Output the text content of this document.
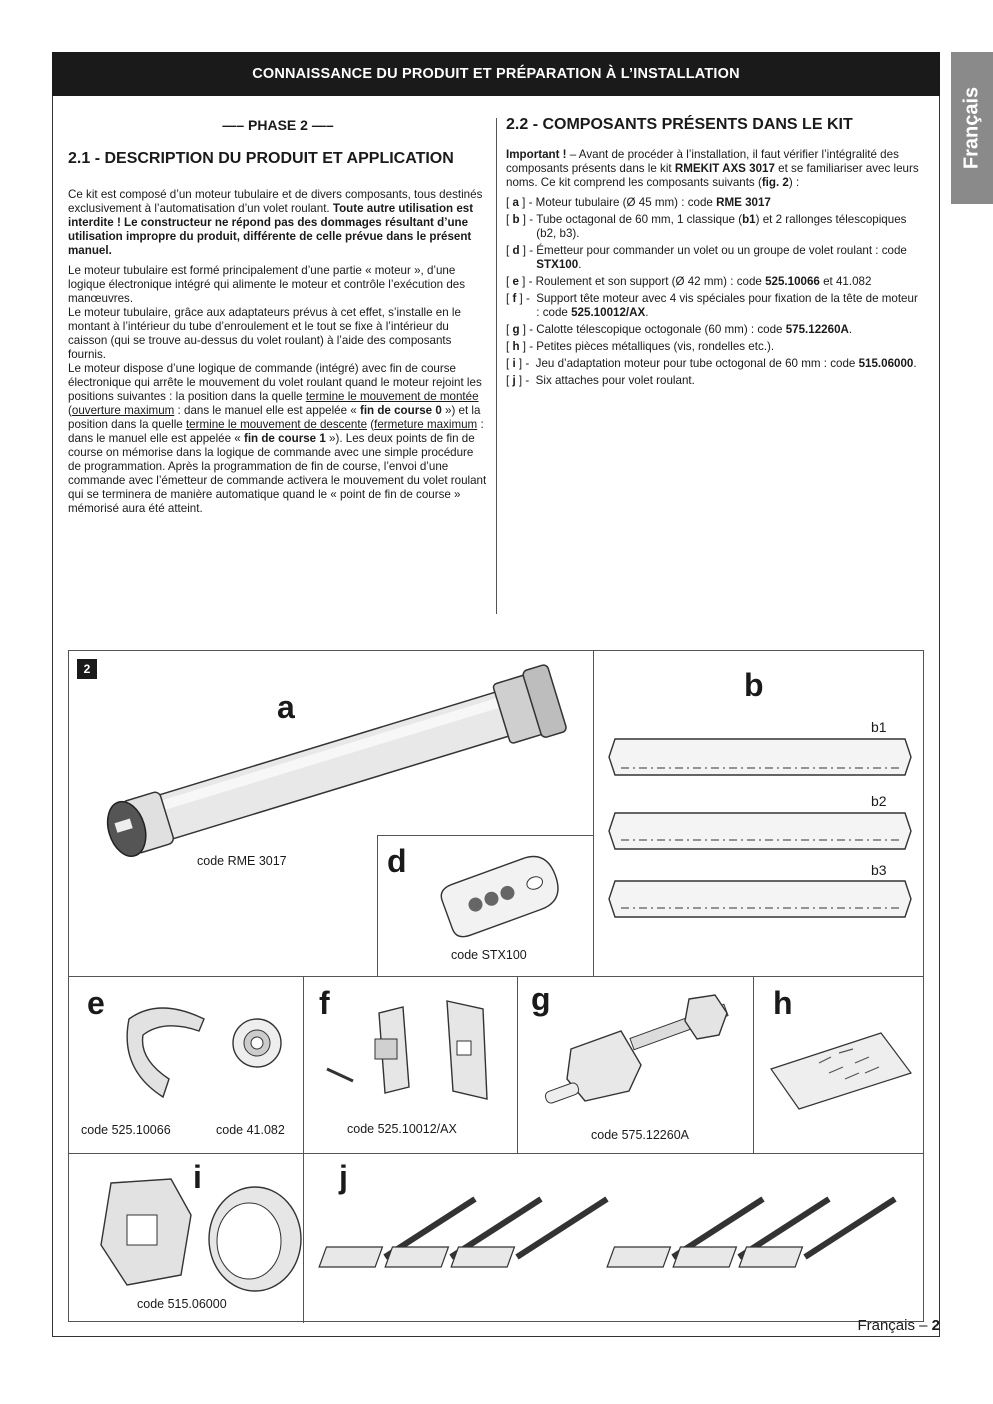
CONNAISSANCE DU PRODUIT ET PRÉPARATION À L’INSTALLATION
Français
—– PHASE 2 —–
2.1 - DESCRIPTION DU PRODUIT ET APPLICATION

Ce kit est composé d’un moteur tubulaire et de divers composants, tous destinés exclusivement à l’automatisation d’un volet roulant. Toute autre utilisation est interdite ! Le constructeur ne répond pas des dommages résultant d’une utilisation impropre du produit, différente de celle prévue dans le présent manuel.

Le moteur tubulaire est formé principalement d’une partie « moteur », d’une logique électronique intégré qui alimente le moteur et contrôle l’exécution des manœuvres.

Le moteur tubulaire, grâce aux adaptateurs prévus à cet effet, s’installe en le montant à l’intérieur du tube d’enroulement et le tout se fixe à l’intérieur du caisson (qui se trouve au-dessus du volet roulant) à l’aide des composants fournis.

Le moteur dispose d’une logique de commande (intégré) avec fin de course électronique qui arrête le mouvement du volet roulant quand le moteur rejoint les positions suivantes : la position dans la quelle termine le mouvement de montée (ouverture maximum : dans le manuel elle est appelée « fin de course 0 ») et la position dans la quelle termine le mouvement de descente (fermeture maximum : dans le manuel elle est appelée « fin de course 1 »). Les deux points de fin de course on mémorise dans la logique de commande avec une simple procédure de programmation. Après la programmation de fin de course, l’envoi d’une commande avec l’émetteur de commande activera le mouvement du volet roulant qui se terminera de manière automatique quand le « point de fin de course » mémorisé aura été atteint.

2.2 - COMPOSANTS PRÉSENTS DANS LE KIT

Important ! – Avant de procéder à l’installation, il faut vérifier l’intégralité des composants présents dans le kit RMEKIT AXS 3017 et se familiariser avec leurs noms. Ce kit comprend les composants suivants (fig. 2) :

[ a ] - Moteur tubulaire (Ø 45 mm) : code RME 3017
[ b ] - Tube octagonal de 60 mm, 1 classique (b1) et 2 rallonges télescopiques (b2, b3).
[ d ] - Émetteur pour commander un volet ou un groupe de volet roulant : code STX100.
[ e ] - Roulement et son support (Ø 42 mm) : code 525.10066 et 41.082
[ f ] - Support tête moteur avec 4 vis spéciales pour fixation de la tête de moteur : code 525.10012/AX.
[ g ] - Calotte télescopique octogonale (60 mm) : code 575.12260A.
[ h ] - Petites pièces métalliques (vis, rondelles etc.).
[ i ] - Jeu d’adaptation moteur pour tube octogonal de 60 mm : code 515.06000.
[ j ] - Six attaches pour volet roulant.
2
a
code RME 3017
b
b1
b2
b3
d
code STX100
e
code 525.10066	code 41.082
f
code 525.10012/AX
g
code 575.12260A
h
i
code 515.06000
j
Français – 2
